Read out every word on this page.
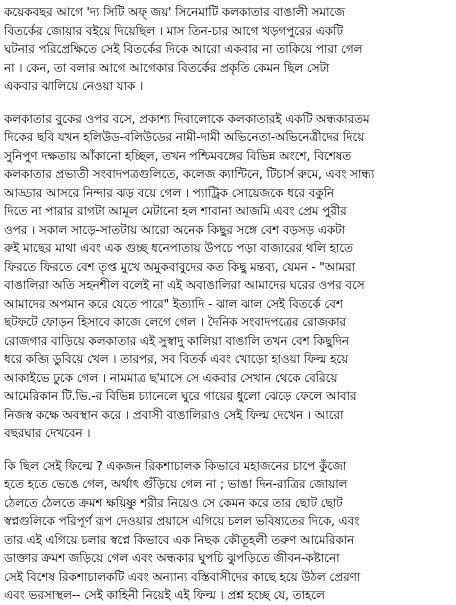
কয়েকবছর আগে 'দ্য সিটি অফ্ জয়' সিনেমাটি কলকাতার বাঙালী সমাজে
বিতর্কের জোয়ার বইয়ে দিয়েছিল । মাস তিন-চার আগে খড়গপুরের একটি
ঘটনার পরিপ্রেক্ষিতে সেই বিতর্কের দিকে আরো একবার না তাকিয়ে পারা গেল
না । কেন, তা বলার আগে আগেকার বিতর্কের প্রকৃতি কেমন ছিল সেটা
একবার ঝালিয়ে নেওয়া যাক ।
কলকাতার বুকের ওপর বসে, প্রকাশ্য দিবালোকে কলকাতারই একটি অন্ধকারতম
দিকের ছবি যখন হলিউড-বলিউডের নামী-দামী অভিনেতা-অভিনেত্রীদের দিয়ে
সুনিপুণ দক্ষতায় আঁকানো হচ্ছিল, তখন পশ্চিমবঙ্গের বিভিন্ন অংশে, বিশেষত
কলকাতার প্রভাতী সংবাদপত্রগুলিতে, কলেজ ক্যান্টিনে, টিচার্স রুমে, এবং সান্ধ্য
আড্ডার আসরে নিন্দার ঝড় বয়ে গেল । প্যাট্রিক সোয়েজকে ধরে বকুনি
দিতে না পারার রাগটা আমূল মেটানো হল শাবানা আজমি এবং প্রেম পুরীর
ওপর । সকাল সাড়ে-সাতটায় আরো অনেক কিছুর সঙ্গে বেশ বড়সড় একটা
রুই মাছের মাথা এবং এক গুচ্ছ ধনেপাতায় উপচে পড়া বাজারের থলি হাতে
ফিরতে ফিরতে বেশ তৃপ্ত মুখে অমুকবাবুদের কত কিছু মন্তব্য, যেমন - "আমরা
বাঙালিরা অতি সহনশীল বলেই না এই অবাঙালিরা আমাদের ঘরের ওপর বসে
আমাদের অপমান করে যেতে পারে" ইত্যাদি - ঝাল ঝাল সেই বিতর্কে বেশ
ছটফটে ফোড়ন হিসাবে কাজে লেগে গেল । দৈনিক সংবাদপত্রের রোজকার
রোজগার বাড়িয়ে কলকাতার এই সুস্বাদু কালিয়া বাঙালি তখন বেশ কিছুদিন
ধরে কব্জি ডুবিয়ে খেল । তারপর, সব বিতর্ক এবং খোড়ো হাওয়া ফিল্ম হয়ে
আকাইভে ঢুকে গেল । নামমাত্র ছ'মাসে সে একবার সেখান থেকে বেরিয়ে
আমেরিকান টি.ভি.-র বিভিন্ন চ্যানেলে ঘুরে গায়ের ধুলো ঝেড়ে ফেলে আবার
নিজস্ব কক্ষে অবস্থান করে । প্রবাসী বাঙালিরাও সেই ফিল্ম দেখেন । আরো
বছরঘার দেখবেন ।
কি ছিল সেই ফিল্মে ? একজন রিকশাচালক কিভাবে মহাজনের চাপে কুঁজো
হতে হতে ভেঙে গেল, অর্থাৎ গুঁড়িয়ে গেল না ; ভাঙা দিন-রাত্রির জোয়াল
ঠেলতে ঠেলতে ক্রমশ ক্ষয়িষ্ণু শরীর নিয়েও সে কেমন করে তার ছোট ছোট
স্বপ্নগুলিকে পরিপূর্ণ রূপ দেওয়ার প্রয়াসে এগিয়ে চলল ভবিষ্যতের দিকে, এবং
তার এই এগিয়ে চলার স্বপ্নে কিভাবে এক নিছক কৌতূহলী তরুণ আমেরিকান
ডাক্তার ক্রমশ জড়িয়ে গেল এবং অন্ধকার ঘুপচি ঝুপড়িতে জীবন-কষ্টানো
সেই বিশেষ রিকশাচালকটি এবং অন্যান্য বস্তিবাসীদের কাছে হয়ে উঠল প্রেরণা
এবং ভরসাস্থল-- সেই কাহিনী নিয়েই এই ফিল্ম । প্রশ্ন হচ্ছে যে, তাহলে
